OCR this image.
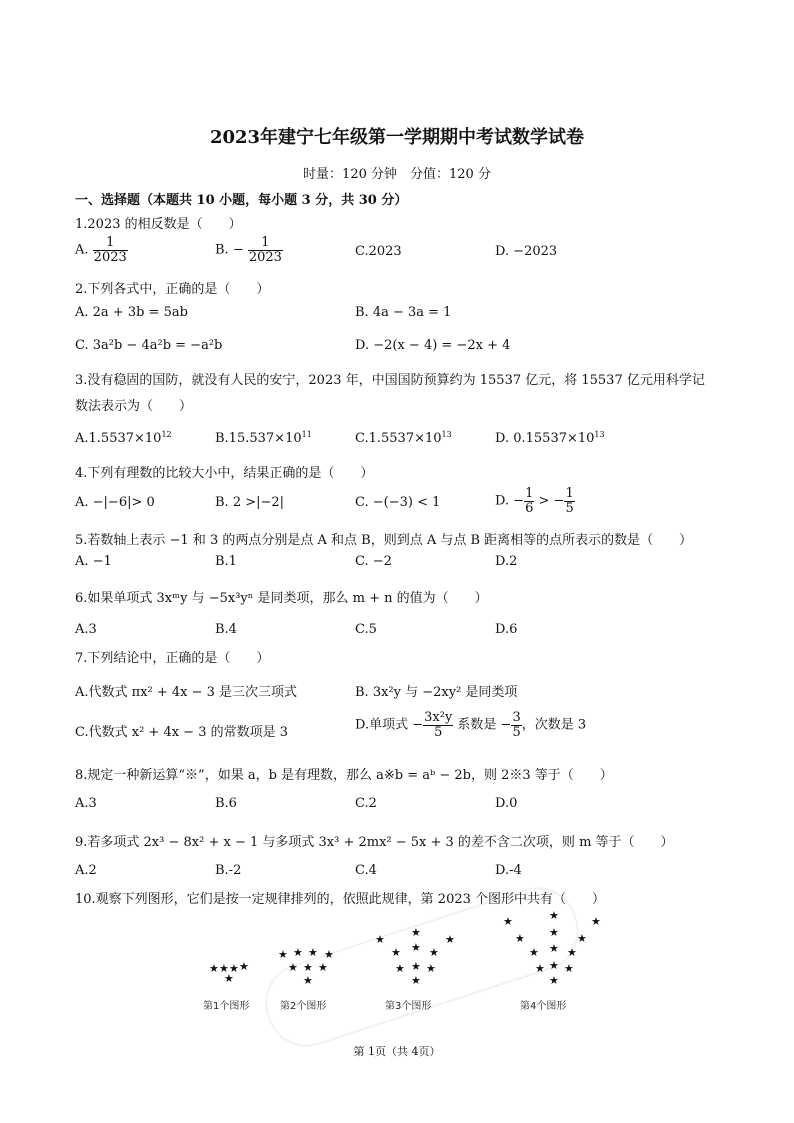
2023年建宁七年级第一学期期中考试数学试卷
时量：120 分钟　分值：120 分
一、选择题（本题共 10 小题，每小题 3 分，共 30 分）
1.2023 的相反数是（　　）
A. $\frac{1}{2023}$	B. − $\frac{1}{2023}$	C.2023	D. −2023
2.下列各式中，正确的是（　　）
A. 2a + 3b = 5ab	B. 4a − 3a = 1
C. 3a²b − 4a²b = −a²b	D. −2(x − 4) = −2x + 4
3.没有稳固的国防，就没有人民的安宁，2023 年，中国国防预算约为 15537 亿元，将 15537 亿元用科学记
数法表示为（　　）
$A.1.5537\times 10^{12}$	$B.15.537\times 10^{11}$	$C.1.5537\times 10^{13}$	D. $0.15537\times 10^{13}$
4.下列有理数的比较大小中，结果正确的是（　　）
A. −|−6|> 0	B. 2 >|−2|	C. −(−3) < 1	D. − $\frac{1}{6}$ > − $\frac{1}{5}$
5.若数轴上表示 −1 和 3 的两点分别是点 A 和点 B，则到点 A 与点 B 距离相等的点所表示的数是（　　）
A. −1	B.1	C. −2	D.2
6.如果单项式 3xᵐy 与 −5x³yⁿ 是同类项，那么 m + n 的值为（　　）
A.3	B.4	C.5	D.6
7.下列结论中，正确的是（　　）
A.代数式 πx² + 4x − 3 是三次三项式	B. 3x²y 与 −2xy² 是同类项
C.代数式 x² + 4x − 3 的常数项是 3	D.单项式 − $\frac{\text{3x²y}}{5}$ 系数是 − $\frac{3}{5}$ ，次数是 3
8.规定一种新运算“※”，如果 a，b 是有理数，那么 a※b = aᵇ − 2b，则 2※3 等于（　　）
A.3	B.6	C.2	D.0
9.若多项式 2x³ − 8x² + x − 1 与多项式 3x³ + 2mx² − 5x + 3 的差不含二次项，则 m 等于（　　）
A.2	B.-2	C.4	D.-4
10.观察下列图形，它们是按一定规律排列的，依照此规律，第 2023 个图形中共有（　　）
★ ★ ★ ★
★
第1个图形
★ ★ ★ ★
★ ★ ★
★
第2个图形
★
★
★
★ ★ ★
★ ★ ★
★
第3个图形
★	★	★
★ ★ ★
★ ★ ★
★ ★ ★
★
第4个图形
第 1页（共 4页）
